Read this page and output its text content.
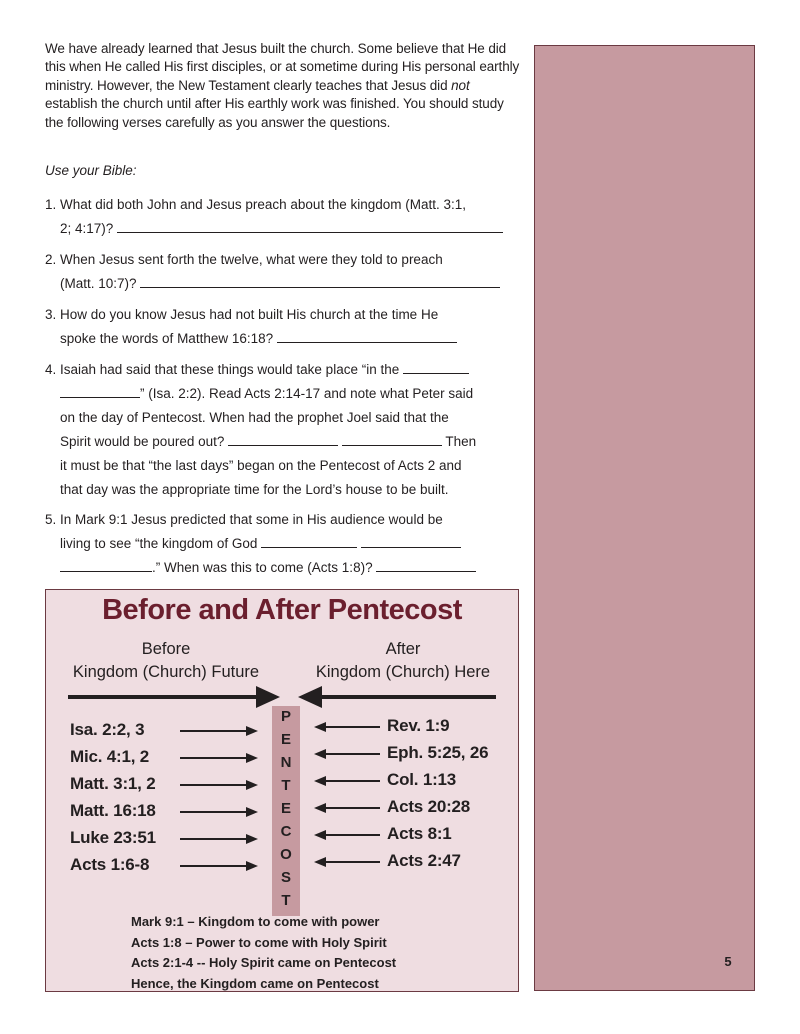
5

We have already learned that Jesus built the church. Some believe that He did this when He called His first disciples, or at sometime during His personal earthly ministry. However, the New Testament clearly teaches that Jesus did not establish the church until after His earthly work was finished. You should study the following verses carefully as you answer the questions.

Use your Bible:

1. What did both John and Jesus preach about the kingdom (Matt. 3:1,
2; 4:17)?
2. When Jesus sent forth the twelve, what were they told to preach
(Matt. 10:7)?
3. How do you know Jesus had not built His church at the time He
spoke the words of Matthew 16:18?
4. Isaiah had said that these things would take place “in the
” (Isa. 2:2). Read Acts 2:14-17 and note what Peter said
on the day of Pentecost. When had the prophet Joel said that the
Spirit would be poured out?	Then
it must be that “the last days” began on the Pentecost of Acts 2 and
that day was the appropriate time for the Lord’s house to be built.
5. In Mark 9:1 Jesus predicted that some in His audience would be
living to see “the kingdom of God
.” When was this to come (Acts 1:8)?
Before and After Pentecost
Before
Kingdom (Church) Future
After
Kingdom (Church) Here
P
E
N
T
E
C
O
S
T
Isa. 2:2, 3
Mic. 4:1, 2
Matt. 3:1, 2
Matt. 16:18
Luke 23:51
Acts 1:6-8
Rev. 1:9
Eph. 5:25, 26
Col. 1:13
Acts 20:28
Acts 8:1
Acts 2:47
Mark 9:1 – Kingdom to come with power
Acts 1:8 – Power to come with Holy Spirit
Acts 2:1-4 -- Holy Spirit came on Pentecost
Hence, the Kingdom came on Pentecost
